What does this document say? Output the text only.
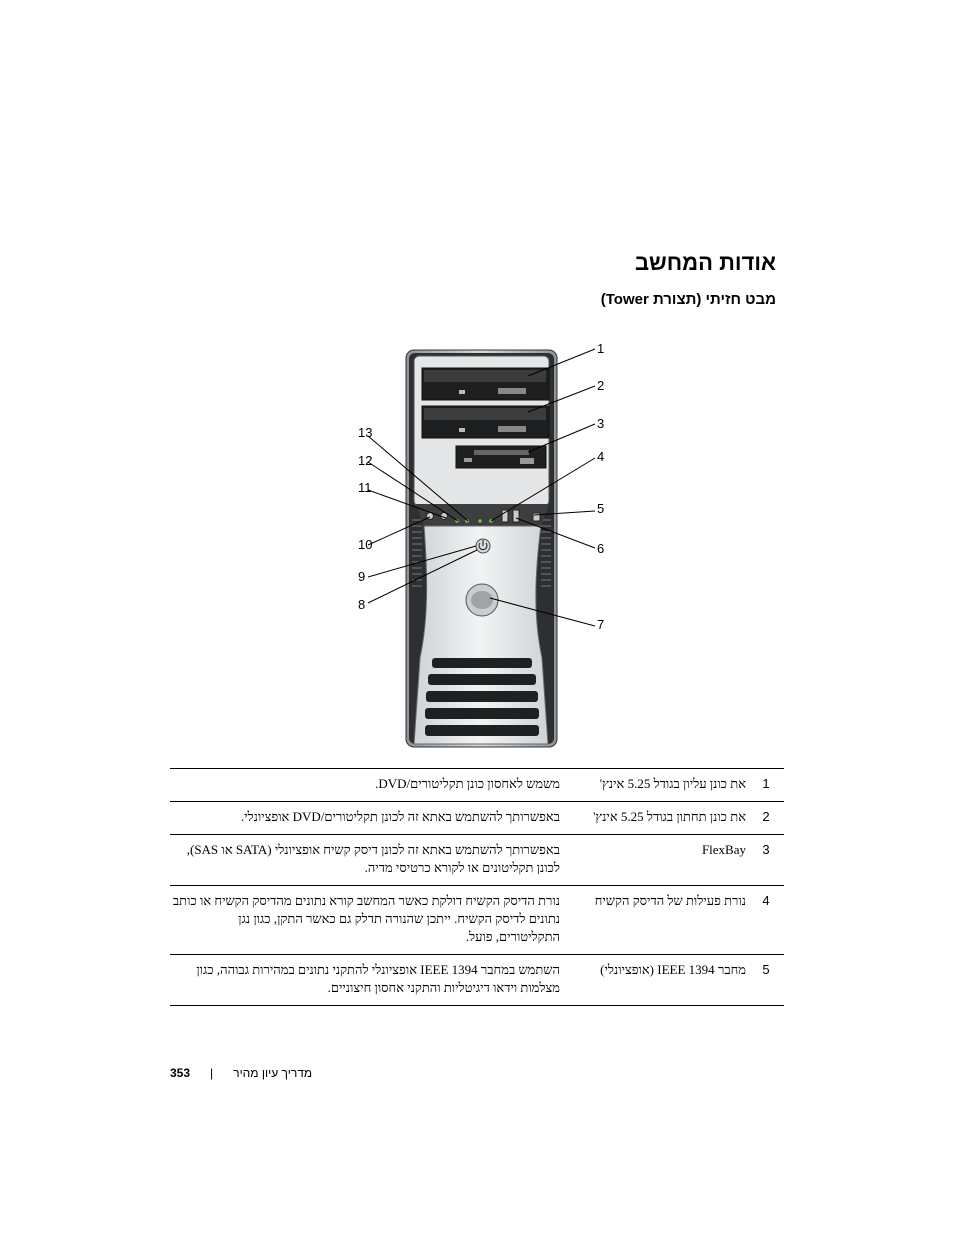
אודות המחשב
מבט חזיתי (תצורת Tower)
1
2
3
4
5
6
7
8
9
10
11
12
13
1	את כונן עליון בגודל 5.25 אינץ'	משמש לאחסון כונן תקליטורים/DVD.
2	את כונן תחתון בגודל 5.25 אינץ'	באפשרותך להשתמש באתא זה לכונן תקליטורים/DVD אופציונלי.
3	FlexBay	באפשרותך להשתמש באתא זה לכונן דיסק קשיח אופציונלי (SATA או SAS), לכונן תקליטונים או לקורא כרטיסי מדיה.
4	נורת פעילות של הדיסק הקשיח	נורת הדיסק הקשיח דולקת כאשר המחשב קורא נתונים מהדיסק הקשיח או כותב נתונים לדיסק הקשיח. ייתכן שהנורה תדלק גם כאשר התקן, כגון נגן התקליטורים, פועל.
5	מחבר IEEE 1394 (אופציונלי)	השתמש במחבר IEEE 1394 אופציונלי להתקני נתונים במהירות גבוהה, כגון מצלמות וידאו דיגיטליות והתקני אחסון חיצוניים.
353 | מדריך עיון מהיר
